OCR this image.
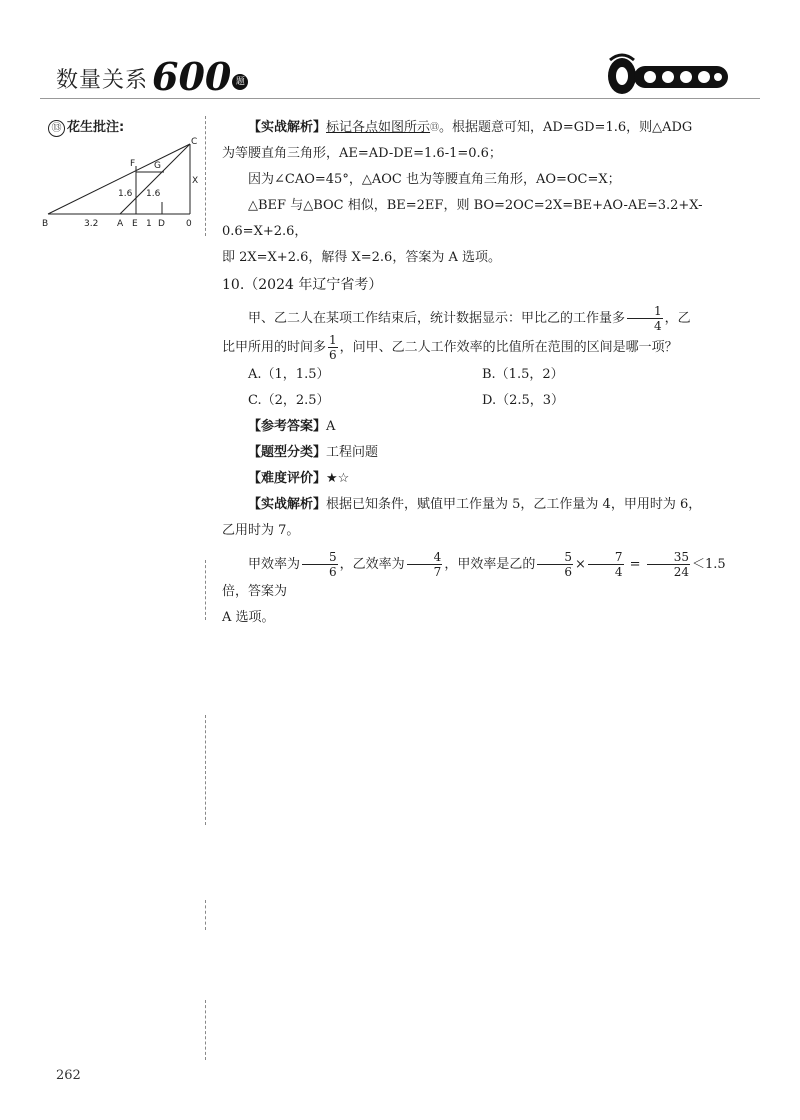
数量关系 600 题
⑬ 花生批注:
C
F G
X
B	3.2 A E 1 D 0
1.6 1.6

【实战解析】标记各点如图所示⑬。根据题意可知，AD=GD=1.6，则△ADG

为等腰直角三角形，AE=AD-DE=1.6-1=0.6；

因为∠CAO=45°，△AOC 也为等腰直角三角形，AO=OC=X；

△BEF 与△BOC 相似，BE=2EF，则 BO=2OC=2X=BE+AO-AE=3.2+X-0.6=X+2.6，

即 2X=X+2.6，解得 X=2.6，答案为 A 选项。

10.（2024 年辽宁省考）

甲、乙二人在某项工作结束后，统计数据显示：甲比乙的工作量多 $\frac{1}{4}$ ，乙

比甲所用的时间多 $\frac{1}{6}$ ，问甲、乙二人工作效率的比值所在范围的区间是哪一项？

A.（1，1.5）	B.（1.5，2）
C.（2，2.5）	D.（2.5，3）

【参考答案】A

【题型分类】工程问题

【难度评价】★☆

【实战解析】根据已知条件，赋值甲工作量为 5，乙工作量为 4，甲用时为 6，

乙用时为 7。

甲效率为 $\frac{5}{6}$ ，乙效率为 $\frac{4}{7}$ ，甲效率是乙的 $\frac{5}{6} \times \frac{7}{4} = \frac{35}{24} <1.5$倍，答案为

A 选项。

262
